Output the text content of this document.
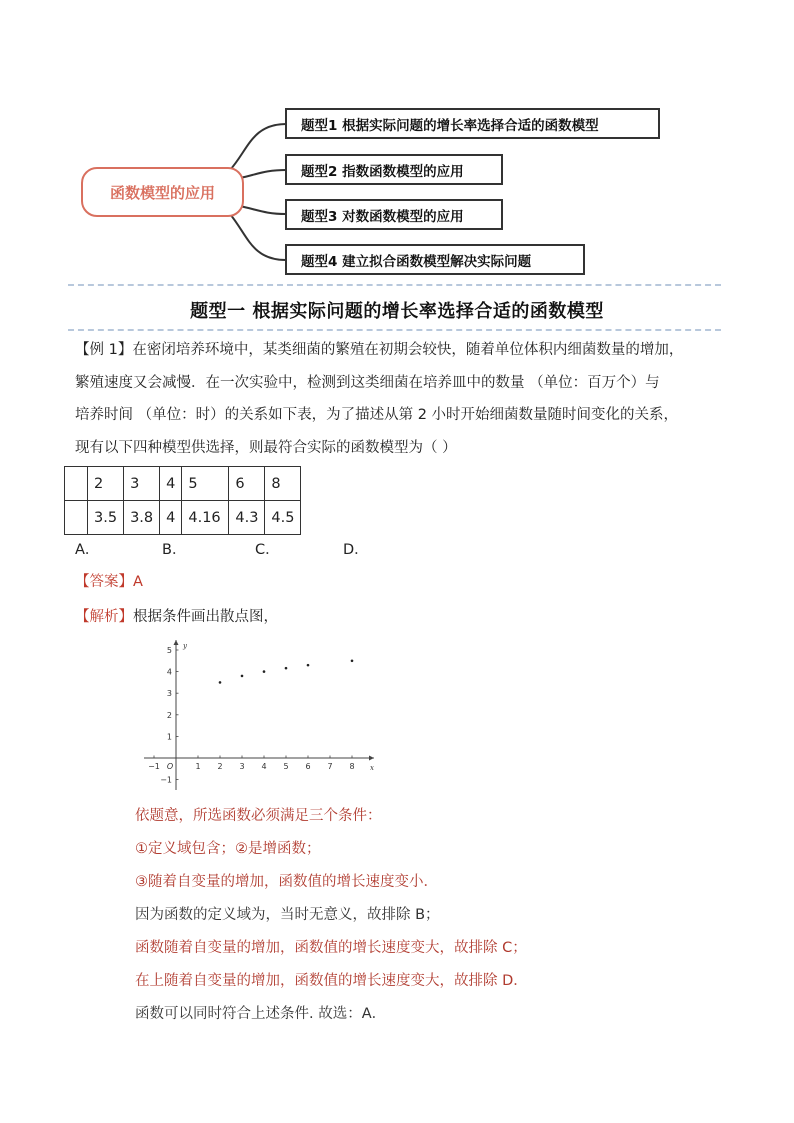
函数模型的应用
题型1 根据实际问题的增长率选择合适的函数模型
题型2 指数函数模型的应用
题型3 对数函数模型的应用
题型4 建立拟合函数模型解决实际问题
题型一 根据实际问题的增长率选择合适的函数模型

【例 1】在密闭培养环境中，某类细菌的繁殖在初期会较快，随着单位体积内细菌数量的增加，

繁殖速度又会减慢．在一次实验中，检测到这类细菌在培养皿中的数量 （单位：百万个）与

培养时间 （单位：时）的关系如下表，为了描述从第 2 小时开始细菌数量随时间变化的关系，

现有以下四种模型供选择，则最符合实际的函数模型为（ ）

	2	3	4	5	6	8
	3.5	3.8	4	4.16	4.3	4.5
A．	B．	C．	D．
【答案】A
【解析】根据条件画出散点图，
−1 O	1 2 3 4 5 6 7 8
5
4
3
2
1
−1
x
y

依题意，所选函数必须满足三个条件：

①定义域包含；②是增函数；

③随着自变量的增加，函数值的增长速度变小．

因为函数的定义域为，当时无意义，故排除 B；

函数随着自变量的增加，函数值的增长速度变大，故排除 C；

在上随着自变量的增加，函数值的增长速度变大，故排除 D．

函数可以同时符合上述条件. 故选：A．
